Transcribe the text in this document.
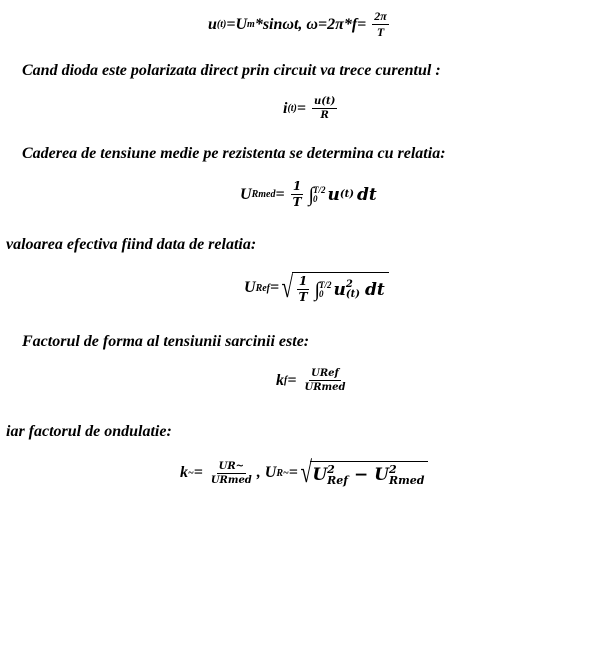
u (t) = U m *sin ωt , $\omega =2\pi*f= \frac{2\pi}{T}$
Cand dioda este polarizata direct prin circuit va trece curentul :
i $(t) = \frac{u(t)}{R}$
Caderea de tensiune medie pe rezistenta se determina cu relatia:
U Rmed = $\frac{1}{T}$ ∫ T/2
0 u (t) dt
valoarea efectiva fiind data de relatia:
U Ref = √ $\frac{1}{T}$ ∫ T/2
0 u 2
(t) dt
Factorul de forma al tensiunii sarcinii este:
k $f = \frac{\text{URef}}{\text{URmed}}$
iar factorul de ondulatie:
k ~ = $\frac{UR\sim}{\text{URmed}}$ , U R~ = √ U 2
Ref − U 2
Rmed
